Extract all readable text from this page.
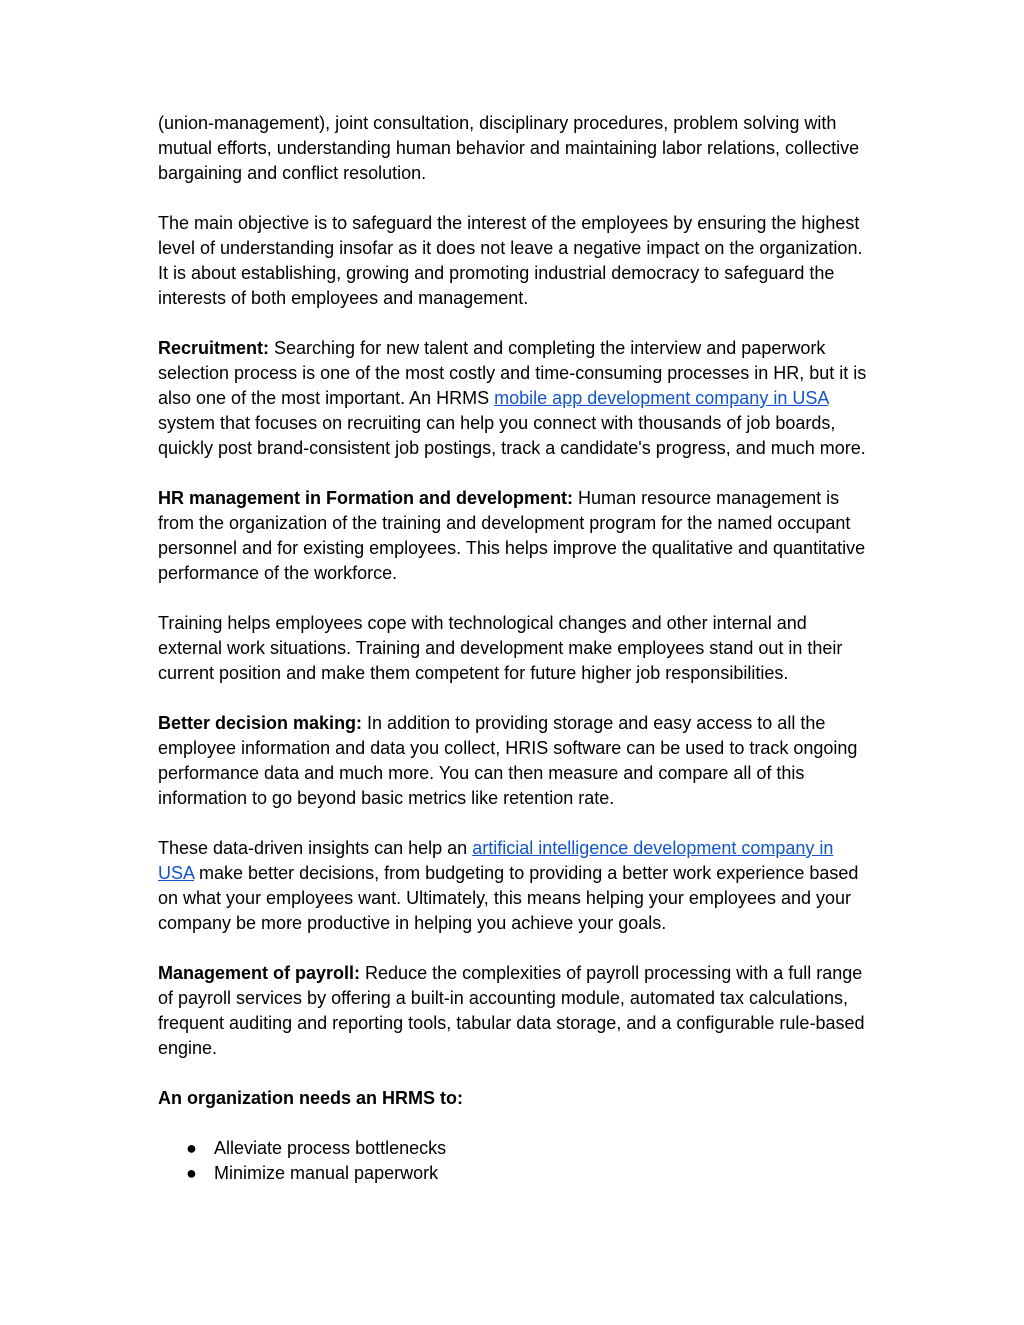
(union-management), joint consultation, disciplinary procedures, problem solving with mutual efforts, understanding human behavior and maintaining labor relations, collective bargaining and conflict resolution.

The main objective is to safeguard the interest of the employees by ensuring the highest level of understanding insofar as it does not leave a negative impact on the organization. It is about establishing, growing and promoting industrial democracy to safeguard the interests of both employees and management.

Recruitment: Searching for new talent and completing the interview and paperwork selection process is one of the most costly and time-consuming processes in HR, but it is also one of the most important. An HRMS mobile app development company in USA system that focuses on recruiting can help you connect with thousands of job boards, quickly post brand-consistent job postings, track a candidate's progress, and much more.

HR management in Formation and development: Human resource management is from the organization of the training and development program for the named occupant personnel and for existing employees. This helps improve the qualitative and quantitative performance of the workforce.

Training helps employees cope with technological changes and other internal and external work situations. Training and development make employees stand out in their current position and make them competent for future higher job responsibilities.

Better decision making: In addition to providing storage and easy access to all the employee information and data you collect, HRIS software can be used to track ongoing performance data and much more. You can then measure and compare all of this information to go beyond basic metrics like retention rate.

These data-driven insights can help an artificial intelligence development company in USA make better decisions, from budgeting to providing a better work experience based on what your employees want. Ultimately, this means helping your employees and your company be more productive in helping you achieve your goals.

Management of payroll: Reduce the complexities of payroll processing with a full range of payroll services by offering a built-in accounting module, automated tax calculations, frequent auditing and reporting tools, tabular data storage, and a configurable rule-based engine.

An organization needs an HRMS to:

● Alleviate process bottlenecks
● Minimize manual paperwork
